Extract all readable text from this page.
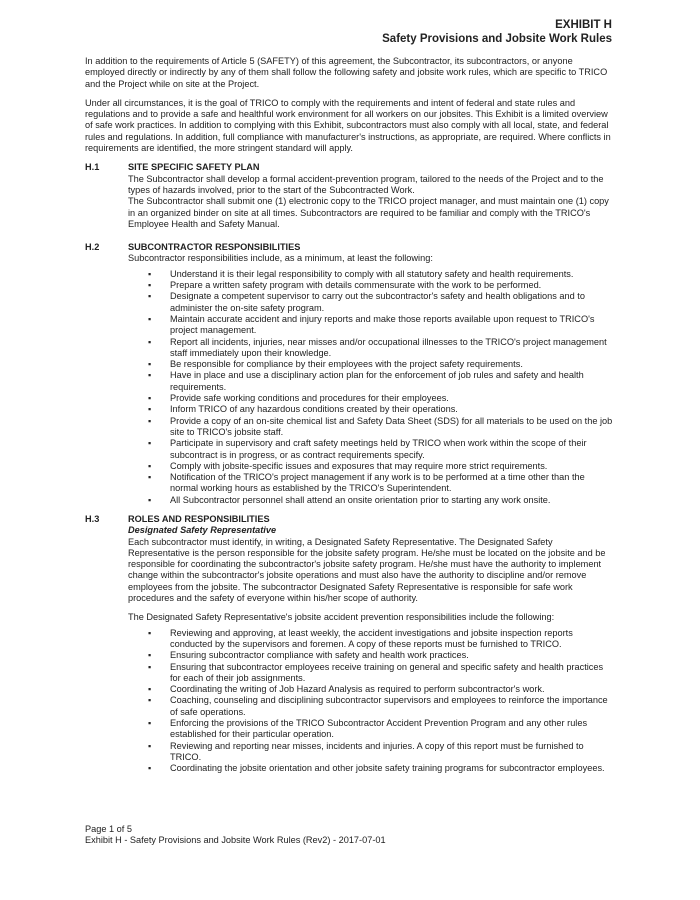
EXHIBIT H
Safety Provisions and Jobsite Work Rules

In addition to the requirements of Article 5 (SAFETY) of this agreement, the Subcontractor, its subcontractors, or anyone employed directly or indirectly by any of them shall follow the following safety and jobsite work rules, which are specific to TRICO and the Project while on site at the Project.

Under all circumstances, it is the goal of TRICO to comply with the requirements and intent of federal and state rules and regulations and to provide a safe and healthful work environment for all workers on our jobsites. This Exhibit is a limited overview of safe work practices. In addition to complying with this Exhibit, subcontractors must also comply with all local, state, and federal rules and regulations. In addition, full compliance with manufacturer's instructions, as appropriate, are required. Where conflicts in requirements are identified, the more stringent standard will apply.

H.1	SITE SPECIFIC SAFETY PLAN
The Subcontractor shall develop a formal accident-prevention program, tailored to the needs of the Project and to the types of hazards involved, prior to the start of the Subcontracted Work.
The Subcontractor shall submit one (1) electronic copy to the TRICO project manager, and must maintain one (1) copy in an organized binder on site at all times. Subcontractors are required to be familiar and comply with the TRICO's Employee Health and Safety Manual.
H.2	SUBCONTRACTOR RESPONSIBILITIES
Subcontractor responsibilities include, as a minimum, at least the following:
▪ Understand it is their legal responsibility to comply with all statutory safety and health requirements.
▪ Prepare a written safety program with details commensurate with the work to be performed.
▪ Designate a competent supervisor to carry out the subcontractor's safety and health obligations and to administer the on-site safety program.
▪ Maintain accurate accident and injury reports and make those reports available upon request to TRICO's project management.
▪ Report all incidents, injuries, near misses and/or occupational illnesses to the TRICO's project management staff immediately upon their knowledge.
▪ Be responsible for compliance by their employees with the project safety requirements.
▪ Have in place and use a disciplinary action plan for the enforcement of job rules and safety and health requirements.
▪ Provide safe working conditions and procedures for their employees.
▪ Inform TRICO of any hazardous conditions created by their operations.
▪ Provide a copy of an on-site chemical list and Safety Data Sheet (SDS) for all materials to be used on the job site to TRICO's jobsite staff.
▪ Participate in supervisory and craft safety meetings held by TRICO when work within the scope of their subcontract is in progress, or as contract requirements specify.
▪ Comply with jobsite-specific issues and exposures that may require more strict requirements.
▪ Notification of the TRICO's project management if any work is to be performed at a time other than the normal working hours as established by the TRICO's Superintendent.
▪ All Subcontractor personnel shall attend an onsite orientation prior to starting any work onsite.
H.3	ROLES AND RESPONSIBILITIES
Designated Safety Representative
Each subcontractor must identify, in writing, a Designated Safety Representative. The Designated Safety Representative is the person responsible for the jobsite safety program. He/she must be located on the jobsite and be responsible for coordinating the subcontractor's jobsite safety program. He/she must have the authority to implement change within the subcontractor's jobsite operations and must also have the authority to discipline and/or remove employees from the jobsite. The subcontractor Designated Safety Representative is responsible for safe work procedures and the safety of everyone within his/her scope of authority.
The Designated Safety Representative's jobsite accident prevention responsibilities include the following:
▪ Reviewing and approving, at least weekly, the accident investigations and jobsite inspection reports conducted by the supervisors and foremen. A copy of these reports must be furnished to TRICO.
▪ Ensuring subcontractor compliance with safety and health work practices.
▪ Ensuring that subcontractor employees receive training on general and specific safety and health practices for each of their job assignments.
▪ Coordinating the writing of Job Hazard Analysis as required to perform subcontractor's work.
▪ Coaching, counseling and disciplining subcontractor supervisors and employees to reinforce the importance of safe operations.
▪ Enforcing the provisions of the TRICO Subcontractor Accident Prevention Program and any other rules established for their particular operation.
▪ Reviewing and reporting near misses, incidents and injuries. A copy of this report must be furnished to TRICO.
▪ Coordinating the jobsite orientation and other jobsite safety training programs for subcontractor employees.
Page 1 of 5
Exhibit H - Safety Provisions and Jobsite Work Rules (Rev2) - 2017-07-01
